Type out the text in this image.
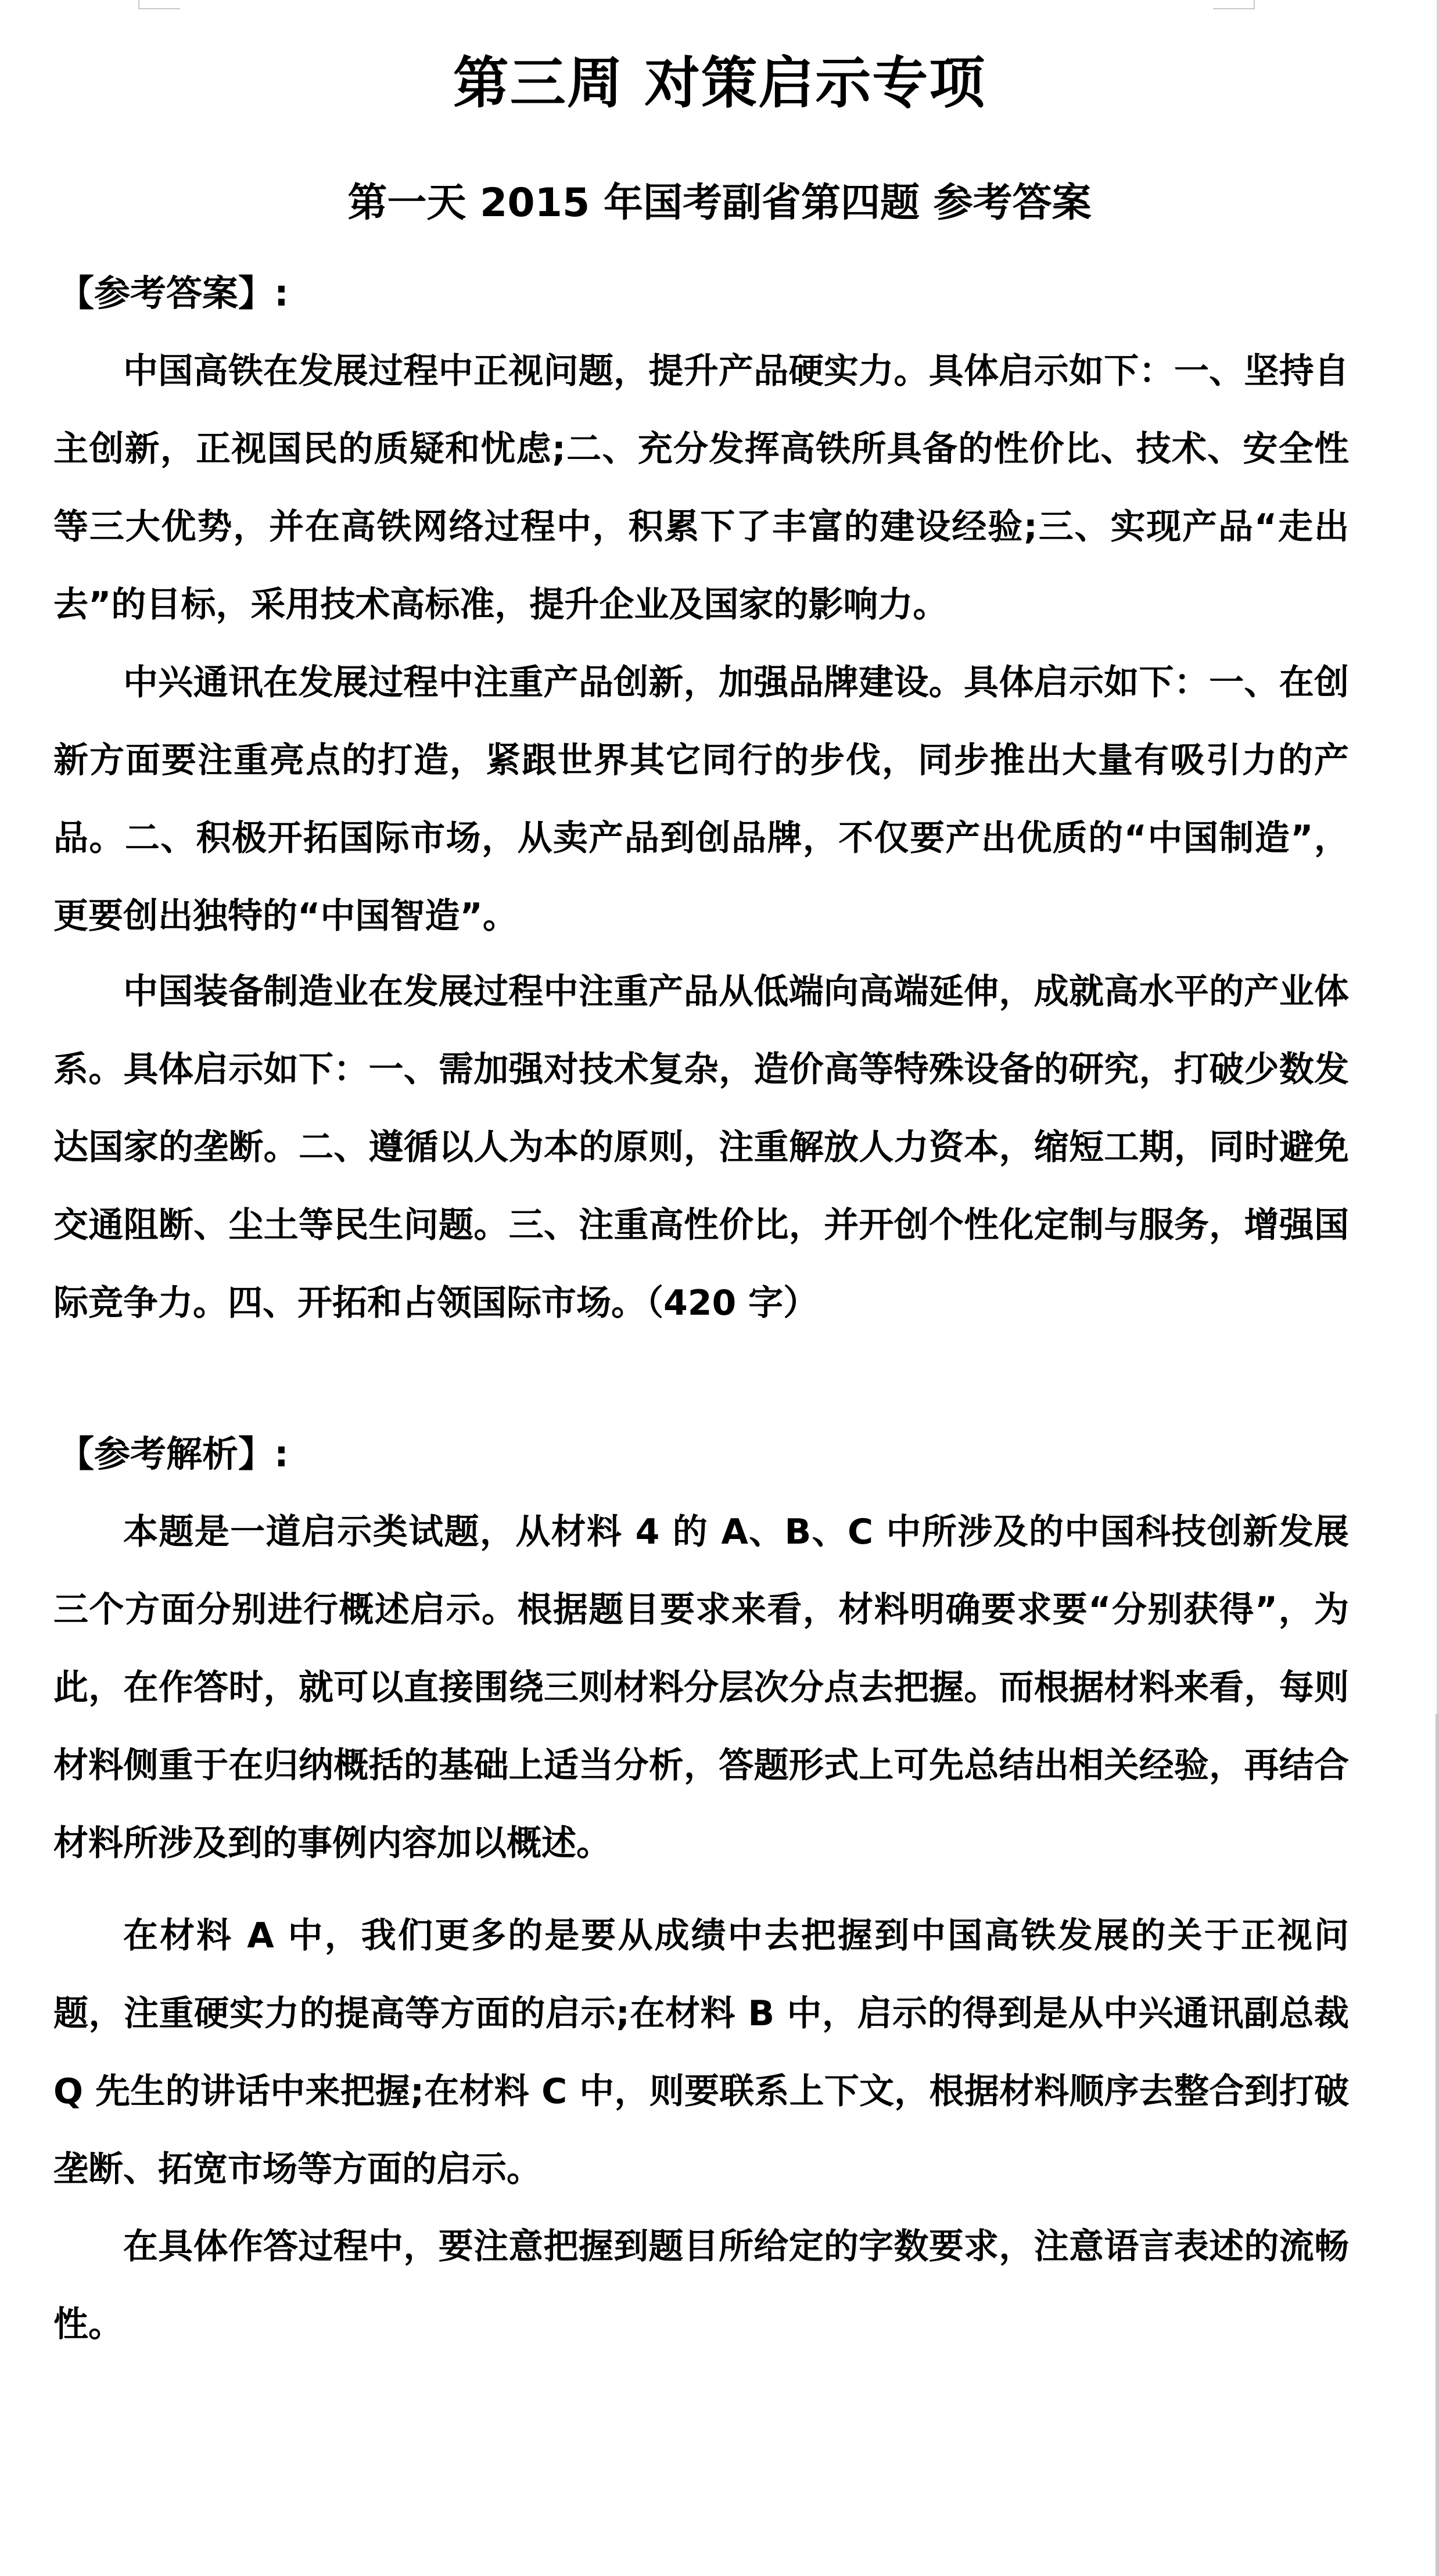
第三周 对策启示专项
第一天 2015 年国考副省第四题 参考答案
【参考答案】:

中国高铁在发展过程中正视问题，提升产品硬实力。具体启示如下：一、坚持自主创新，正视国民的质疑和忧虑;二、充分发挥高铁所具备的性价比、技术、安全性等三大优势，并在高铁网络过程中，积累下了丰富的建设经验;三、实现产品“走出去”的目标，采用技术高标准，提升企业及国家的影响力。

中兴通讯在发展过程中注重产品创新，加强品牌建设。具体启示如下：一、在创新方面要注重亮点的打造，紧跟世界其它同行的步伐，同步推出大量有吸引力的产品。二、积极开拓国际市场，从卖产品到创品牌，不仅要产出优质的“中国制造”，更要创出独特的“中国智造”。

中国装备制造业在发展过程中注重产品从低端向高端延伸，成就高水平的产业体系。具体启示如下：一、需加强对技术复杂，造价高等特殊设备的研究，打破少数发达国家的垄断。二、遵循以人为本的原则，注重解放人力资本，缩短工期，同时避免交通阻断、尘土等民生问题。三、注重高性价比，并开创个性化定制与服务，增强国际竞争力。四、开拓和占领国际市场。（420 字）

【参考解析】:

本题是一道启示类试题，从材料 4 的 A、B、C 中所涉及的中国科技创新发展三个方面分别进行概述启示。根据题目要求来看，材料明确要求要“分别获得”，为此，在作答时，就可以直接围绕三则材料分层次分点去把握。而根据材料来看，每则材料侧重于在归纳概括的基础上适当分析，答题形式上可先总结出相关经验，再结合材料所涉及到的事例内容加以概述。

在材料 A 中，我们更多的是要从成绩中去把握到中国高铁发展的关于正视问题，注重硬实力的提高等方面的启示;在材料 B 中，启示的得到是从中兴通讯副总裁 Q 先生的讲话中来把握;在材料 C 中，则要联系上下文，根据材料顺序去整合到打破垄断、拓宽市场等方面的启示。

在具体作答过程中，要注意把握到题目所给定的字数要求，注意语言表述的流畅性。
